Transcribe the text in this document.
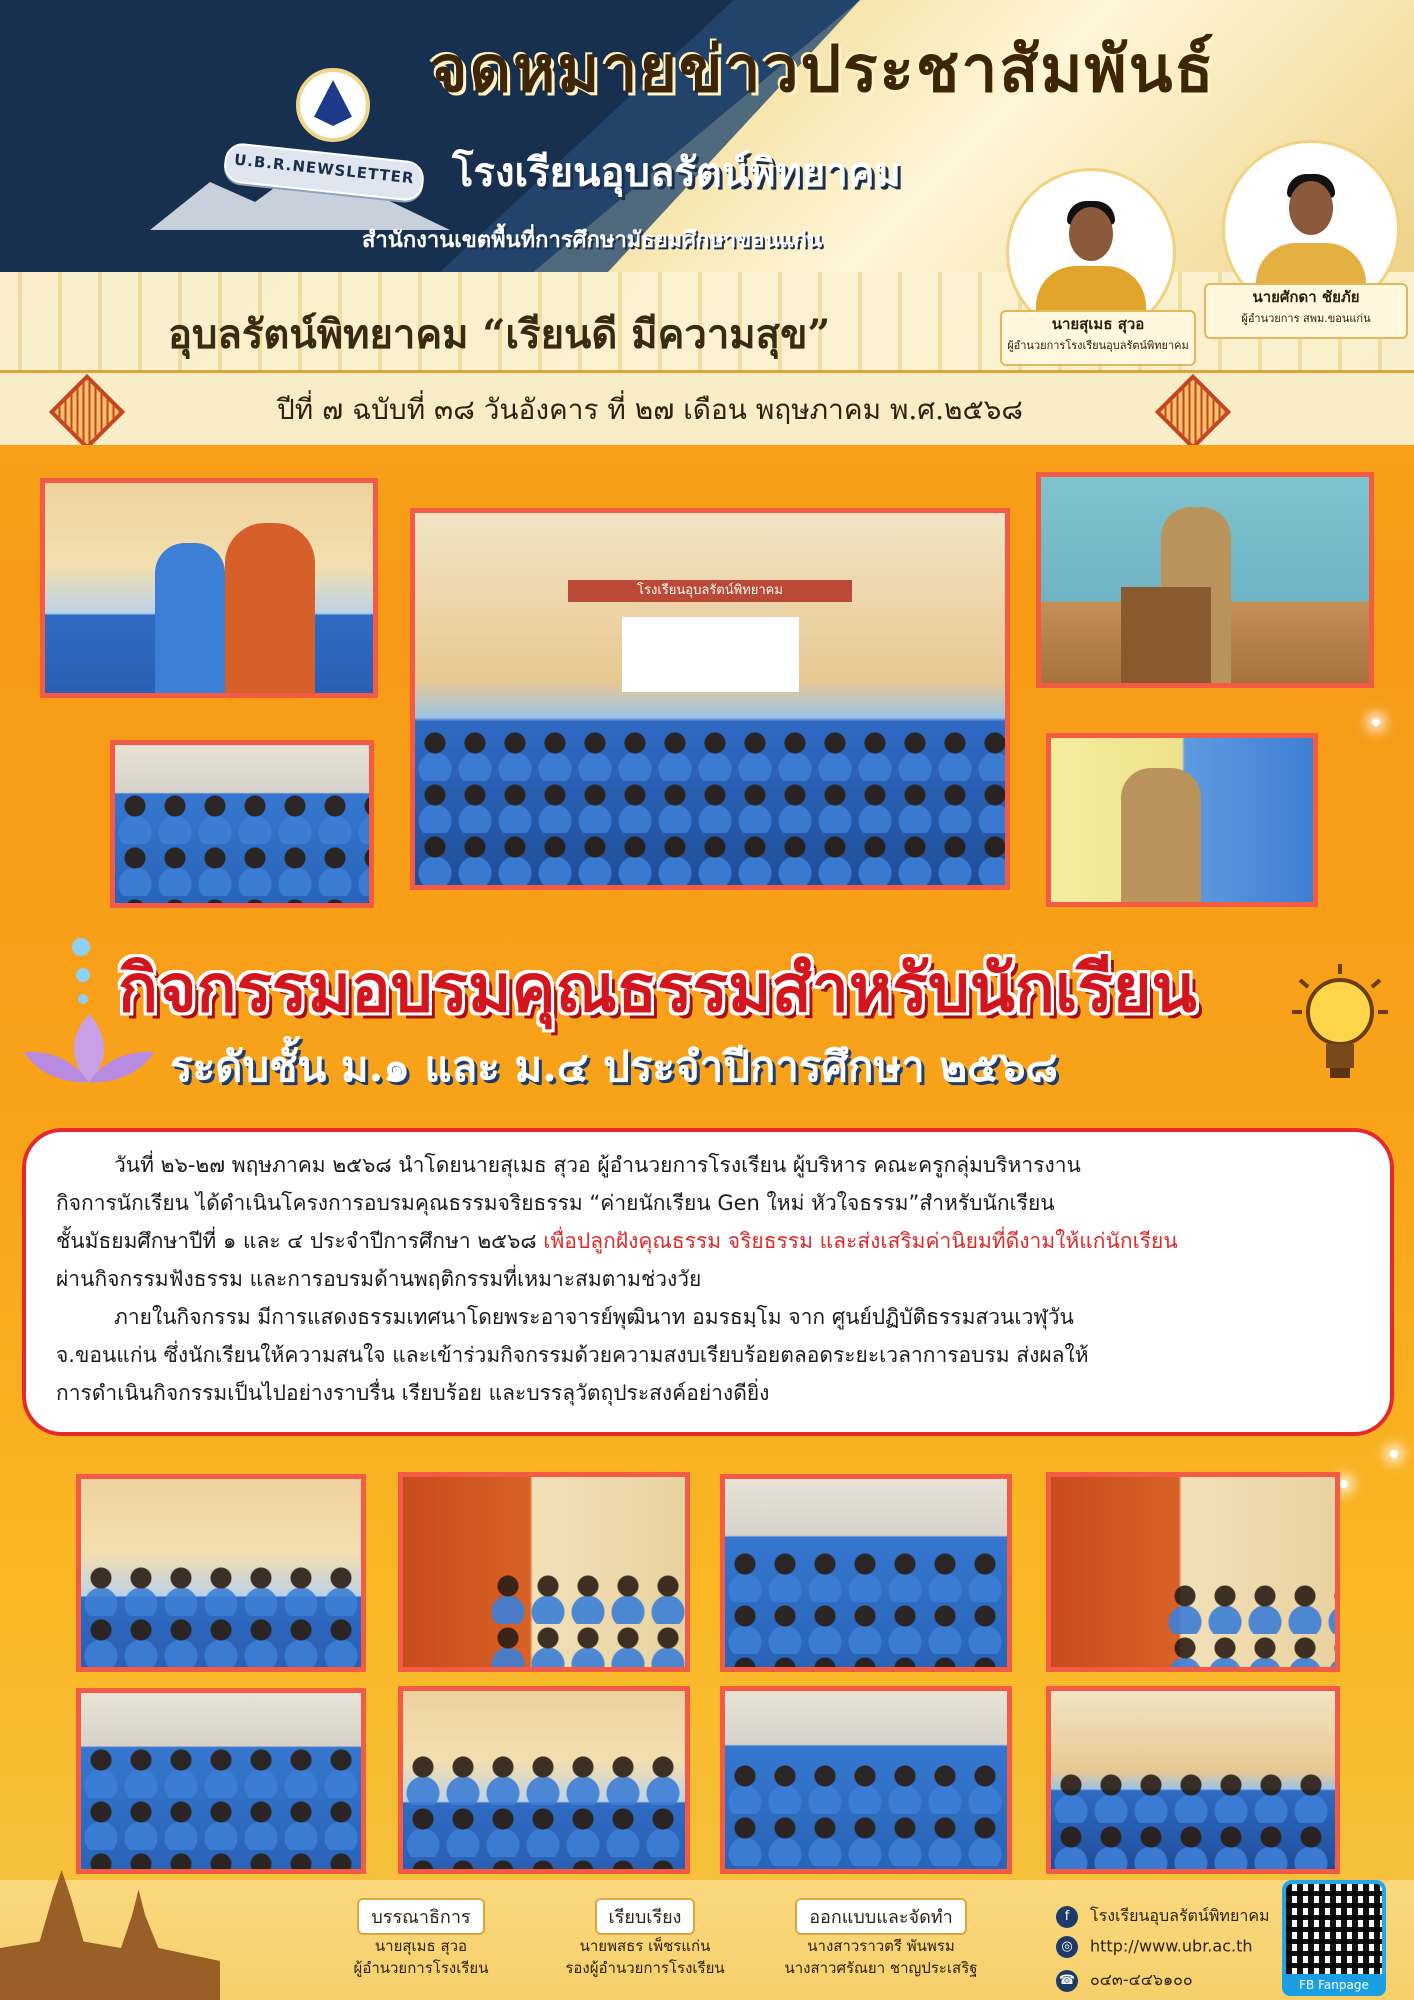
U.B.R.NEWSLETTER
จดหมายข่าวประชาสัมพันธ์
โรงเรียนอุบลรัตน์พิทยาคม
สำนักงานเขตพื้นที่การศึกษามัธยมศึกษาขอนแก่น
อุบลรัตน์พิทยาคม “เรียนดี มีความสุข”
ปีที่ ๗ ฉบับที่ ๓๘ วันอังคาร ที่ ๒๗ เดือน พฤษภาคม พ.ศ.๒๕๖๘
นายสุเมธ สุวอ
ผู้อำนวยการโรงเรียนอุบลรัตน์พิทยาคม
นายศักดา ชัยภัย
ผู้อำนวยการ สพม.ขอนแก่น
โรงเรียนอุบลรัตน์พิทยาคม
กิจกรรมอบรมคุณธรรมสำหรับนักเรียน
ระดับชั้น ม.๑ และ ม.๔ ประจำปีการศึกษา ๒๕๖๘
วันที่ ๒๖-๒๗ พฤษภาคม ๒๕๖๘ นำโดยนายสุเมธ สุวอ ผู้อำนวยการโรงเรียน ผู้บริหาร คณะครูกลุ่มบริหารงาน
กิจการนักเรียน ได้ดำเนินโครงการอบรมคุณธรรมจริยธรรม “ค่ายนักเรียน Gen ใหม่ หัวใจธรรม”สำหรับนักเรียน
ชั้นมัธยมศึกษาปีที่ ๑ และ ๔ ประจำปีการศึกษา ๒๕๖๘ เพื่อปลูกฝังคุณธรรม จริยธรรม และส่งเสริมค่านิยมที่ดีงามให้แก่นักเรียน
ผ่านกิจกรรมฟังธรรม และการอบรมด้านพฤติกรรมที่เหมาะสมตามช่วงวัย
ภายในกิจกรรม มีการแสดงธรรมเทศนาโดยพระอาจารย์พุฒินาท อมรธมฺโม จาก ศูนย์ปฏิบัติธรรมสวนเวฬุวัน
จ.ขอนแก่น ซึ่งนักเรียนให้ความสนใจ และเข้าร่วมกิจกรรมด้วยความสงบเรียบร้อยตลอดระยะเวลาการอบรม ส่งผลให้
การดำเนินกิจกรรมเป็นไปอย่างราบรื่น เรียบร้อย และบรรลุวัตถุประสงค์อย่างดียิ่ง
บรรณาธิการ
นายสุเมธ สุวอ
ผู้อำนวยการโรงเรียน
เรียบเรียง
นายพสธร เพ็ชรแก่น
รองผู้อำนวยการโรงเรียน
ออกแบบและจัดทำ
นางสาวราวตรี พันพรม
นางสาวศรัณยา ชาญประเสริฐ
f โรงเรียนอุบลรัตน์พิทยาคม
◎ http://www.ubr.ac.th
☎ ๐๔๓-๔๔๖๑๐๐	FB Fanpage
